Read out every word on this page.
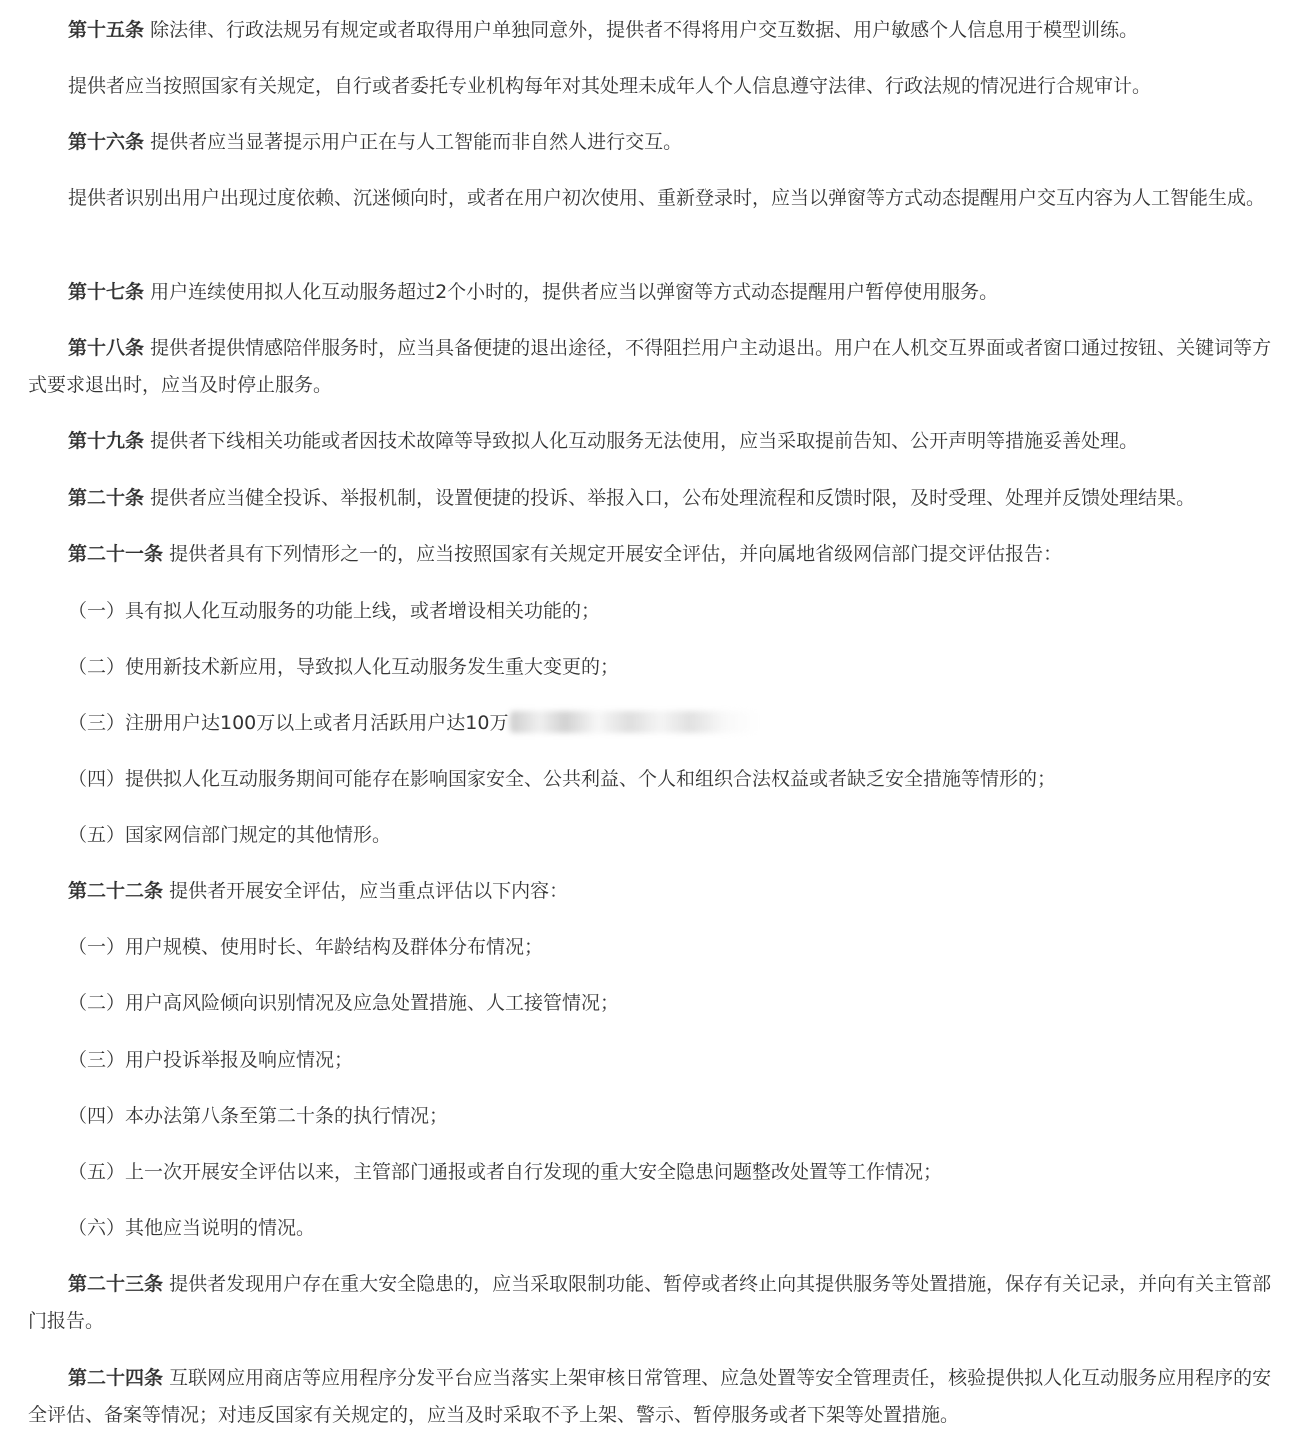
第十五条 除法律、行政法规另有规定或者取得用户单独同意外，提供者不得将用户交互数据、用户敏感个人信息用于模型训练。

提供者应当按照国家有关规定，自行或者委托专业机构每年对其处理未成年人个人信息遵守法律、行政法规的情况进行合规审计。

第十六条 提供者应当显著提示用户正在与人工智能而非自然人进行交互。

提供者识别出用户出现过度依赖、沉迷倾向时，或者在用户初次使用、重新登录时，应当以弹窗等方式动态提醒用户交互内容为人工智能生成。

第十七条 用户连续使用拟人化互动服务超过2个小时的，提供者应当以弹窗等方式动态提醒用户暂停使用服务。

第十八条 提供者提供情感陪伴服务时，应当具备便捷的退出途径，不得阻拦用户主动退出。用户在人机交互界面或者窗口通过按钮、关键词等方式要求退出时，应当及时停止服务。

第十九条 提供者下线相关功能或者因技术故障等导致拟人化互动服务无法使用，应当采取提前告知、公开声明等措施妥善处理。

第二十条 提供者应当健全投诉、举报机制，设置便捷的投诉、举报入口，公布处理流程和反馈时限，及时受理、处理并反馈处理结果。

第二十一条 提供者具有下列情形之一的，应当按照国家有关规定开展安全评估，并向属地省级网信部门提交评估报告：

（一）具有拟人化互动服务的功能上线，或者增设相关功能的；

（二）使用新技术新应用，导致拟人化互动服务发生重大变更的；

（三）注册用户达100万以上或者月活跃用户达10万

（四）提供拟人化互动服务期间可能存在影响国家安全、公共利益、个人和组织合法权益或者缺乏安全措施等情形的；

（五）国家网信部门规定的其他情形。

第二十二条 提供者开展安全评估，应当重点评估以下内容：

（一）用户规模、使用时长、年龄结构及群体分布情况；

（二）用户高风险倾向识别情况及应急处置措施、人工接管情况；

（三）用户投诉举报及响应情况；

（四）本办法第八条至第二十条的执行情况；

（五）上一次开展安全评估以来，主管部门通报或者自行发现的重大安全隐患问题整改处置等工作情况；

（六）其他应当说明的情况。

第二十三条 提供者发现用户存在重大安全隐患的，应当采取限制功能、暂停或者终止向其提供服务等处置措施，保存有关记录，并向有关主管部门报告。

第二十四条 互联网应用商店等应用程序分发平台应当落实上架审核日常管理、应急处置等安全管理责任，核验提供拟人化互动服务应用程序的安全评估、备案等情况；对违反国家有关规定的，应当及时采取不予上架、警示、暂停服务或者下架等处置措施。
